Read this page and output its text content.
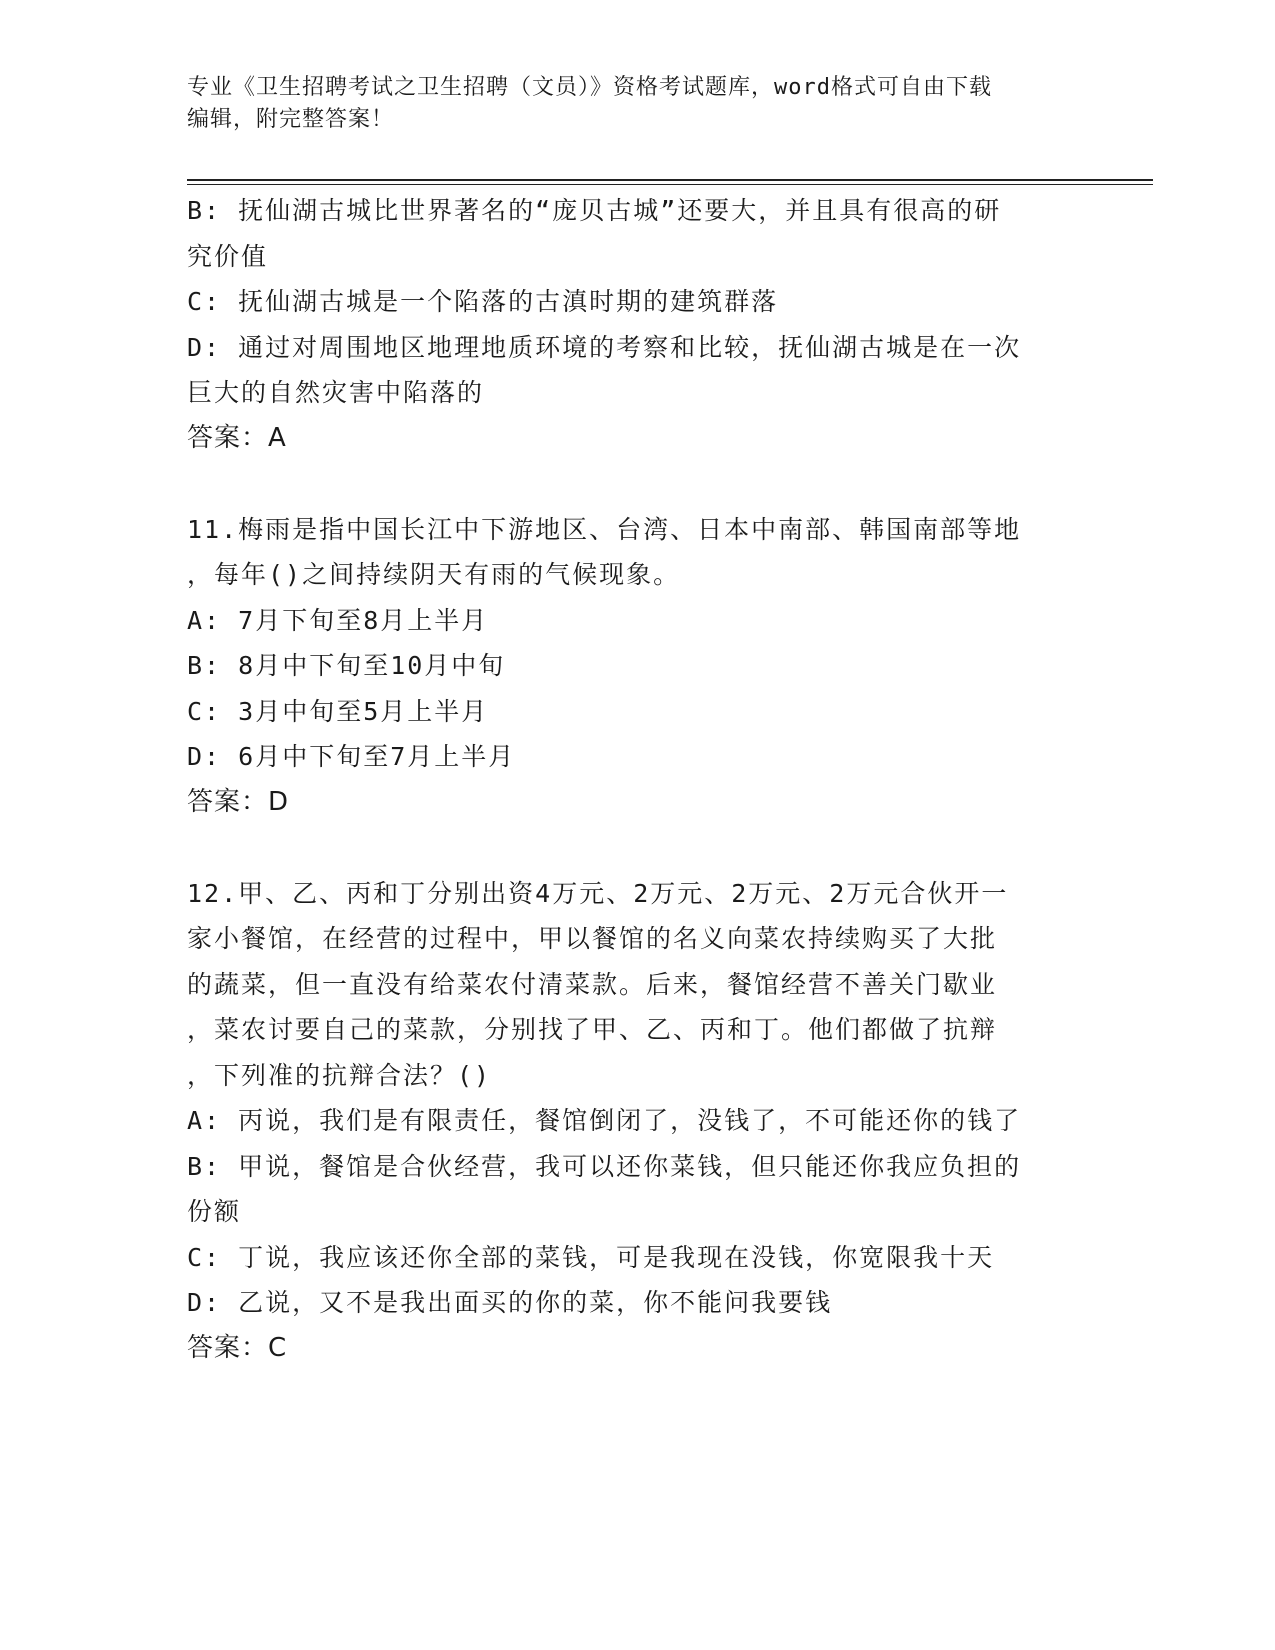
专业《卫生招聘考试之卫生招聘（文员）》资格考试题库，word格式可自由下载
编辑，附完整答案！
B: 抚仙湖古城比世界著名的“庞贝古城”还要大，并且具有很高的研
究价值
C: 抚仙湖古城是一个陷落的古滇时期的建筑群落
D: 通过对周围地区地理地质环境的考察和比较，抚仙湖古城是在一次
巨大的自然灾害中陷落的
答案：A
11.梅雨是指中国长江中下游地区、台湾、日本中南部、韩国南部等地
，每年()之间持续阴天有雨的气候现象。
A: 7月下旬至8月上半月
B: 8月中下旬至10月中旬
C: 3月中旬至5月上半月
D: 6月中下旬至7月上半月
答案：D
12.甲、乙、丙和丁分别出资4万元、2万元、2万元、2万元合伙开一
家小餐馆，在经营的过程中，甲以餐馆的名义向菜农持续购买了大批
的蔬菜，但一直没有给菜农付清菜款。后来，餐馆经营不善关门歇业
，菜农讨要自己的菜款，分别找了甲、乙、丙和丁。他们都做了抗辩
，下列准的抗辩合法？()
A: 丙说，我们是有限责任，餐馆倒闭了，没钱了，不可能还你的钱了
B: 甲说，餐馆是合伙经营，我可以还你菜钱，但只能还你我应负担的
份额
C: 丁说，我应该还你全部的菜钱，可是我现在没钱，你宽限我十天
D: 乙说，又不是我出面买的你的菜，你不能问我要钱
答案：C
